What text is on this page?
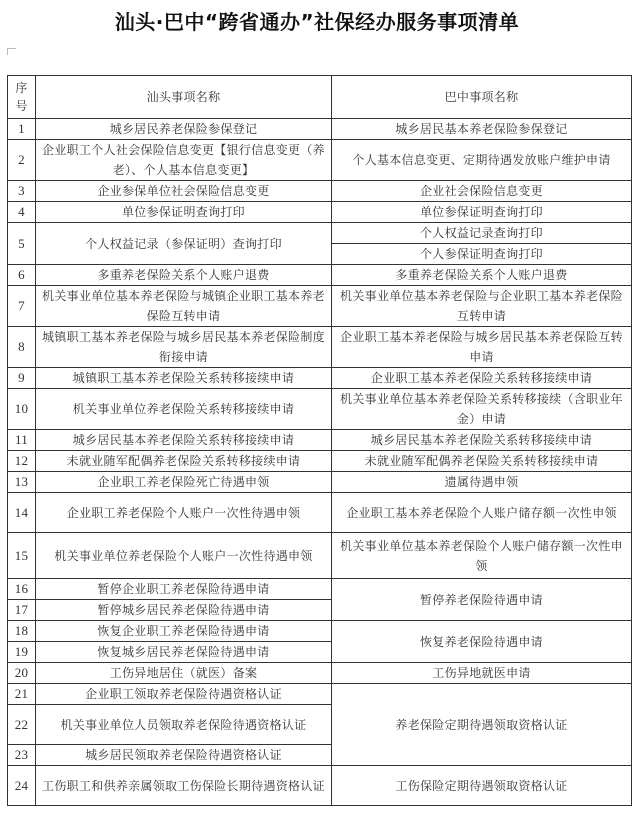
汕头·巴中“跨省通办”社保经办服务事项清单
序号	汕头事项名称	巴中事项名称
1	城乡居民养老保险参保登记	城乡居民基本养老保险参保登记
2	企业职工个人社会保险信息变更【银行信息变更（养老）、个人基本信息变更】	个人基本信息变更、定期待遇发放账户维护申请
3	企业参保单位社会保险信息变更	企业社会保险信息变更
4	单位参保证明查询打印	单位参保证明查询打印
5	个人权益记录（参保证明）查询打印	个人权益记录查询打印
		个人参保证明查询打印
6	多重养老保险关系个人账户退费	多重养老保险关系个人账户退费
7	机关事业单位基本养老保险与城镇企业职工基本养老保险互转申请	机关事业单位基本养老保险与企业职工基本养老保险互转申请
8	城镇职工基本养老保险与城乡居民基本养老保险制度衔接申请	企业职工基本养老保险与城乡居民基本养老保险互转申请
9	城镇职工基本养老保险关系转移接续申请	企业职工基本养老保险关系转移接续申请
10	机关事业单位养老保险关系转移接续申请	机关事业单位基本养老保险关系转移接续（含职业年金）申请
11	城乡居民基本养老保险关系转移接续申请	城乡居民基本养老保险关系转移接续申请
12	未就业随军配偶养老保险关系转移接续申请	未就业随军配偶养老保险关系转移接续申请
13	企业职工养老保险死亡待遇申领	遗属待遇申领
14	企业职工养老保险个人账户一次性待遇申领	企业职工基本养老保险个人账户储存额一次性申领
15	机关事业单位养老保险个人账户一次性待遇申领	机关事业单位基本养老保险个人账户储存额一次性申领
16	暂停企业职工养老保险待遇申请	暂停养老保险待遇申请
17	暂停城乡居民养老保险待遇申请	
18	恢复企业职工养老保险待遇申请	恢复养老保险待遇申请
19	恢复城乡居民养老保险待遇申请	
20	工伤异地居住（就医）备案	工伤异地就医申请
21	企业职工领取养老保险待遇资格认证	养老保险定期待遇领取资格认证
22	机关事业单位人员领取养老保险待遇资格认证	
23	城乡居民领取养老保险待遇资格认证	
24	工伤职工和供养亲属领取工伤保险长期待遇资格认证	工伤保险定期待遇领取资格认证
